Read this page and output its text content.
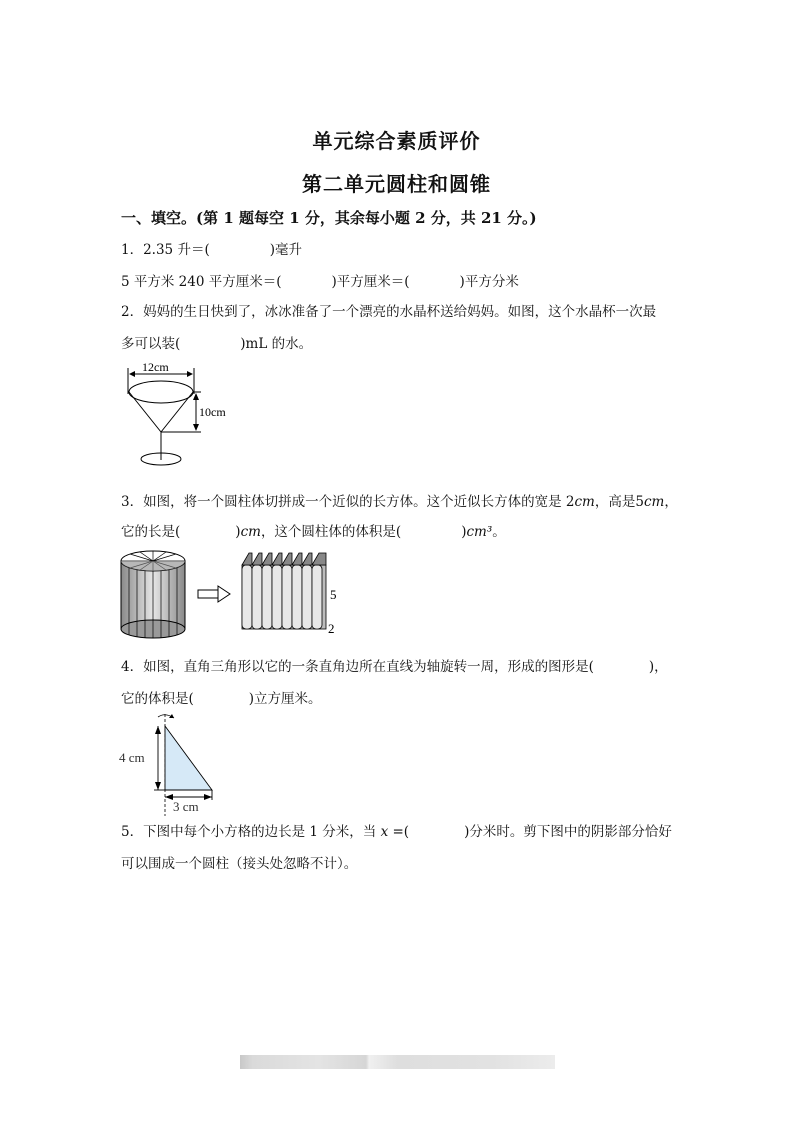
单元综合素质评价
第二单元圆柱和圆锥
一、填空。(第 1 题每空 1 分，其余每小题 2 分，共 21 分。)
1．2.35 升＝(	)毫升
5 平方米 240 平方厘米＝(	)平方厘米＝(	)平方分米
2．妈妈的生日快到了，冰冰准备了一个漂亮的水晶杯送给妈妈。如图，这个水晶杯一次最
多可以装(	)mL 的水。
12cm
10cm
3．如图，将一个圆柱体切拼成一个近似的长方体。这个近似长方体的宽是 2cm，高是5cm，
它的长是(	)cm，这个圆柱体的体积是(	)cm³。
5
2
4．如图，直角三角形以它的一条直角边所在直线为轴旋转一周，形成的图形是(	)，
它的体积是(	)立方厘米。
4 cm
3 cm
5．下图中每个小方格的边长是 1 分米，当 x =(	)分米时。剪下图中的阴影部分恰好
可以围成一个圆柱（接头处忽略不计）。
